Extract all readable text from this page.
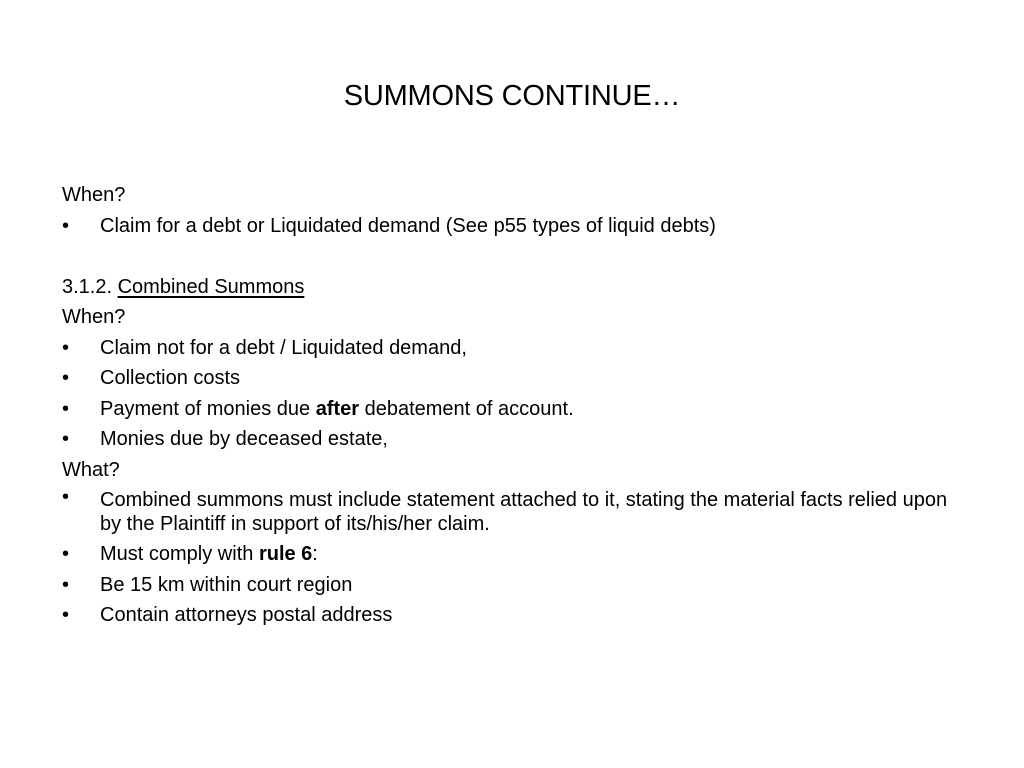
SUMMONS CONTINUE…

When?

• Claim for a debt or Liquidated demand (See p55 types of liquid debts)

3.1.2. Combined Summons

When?

• Claim not for a debt / Liquidated demand,

• Collection costs

• Payment of monies due after debatement of account.

• Monies due by deceased estate,

What?

• Combined summons must include statement attached to it, stating the material facts relied upon by the Plaintiff in support of its/his/her claim.

• Must comply with rule 6:

• Be 15 km within court region

• Contain attorneys postal address
